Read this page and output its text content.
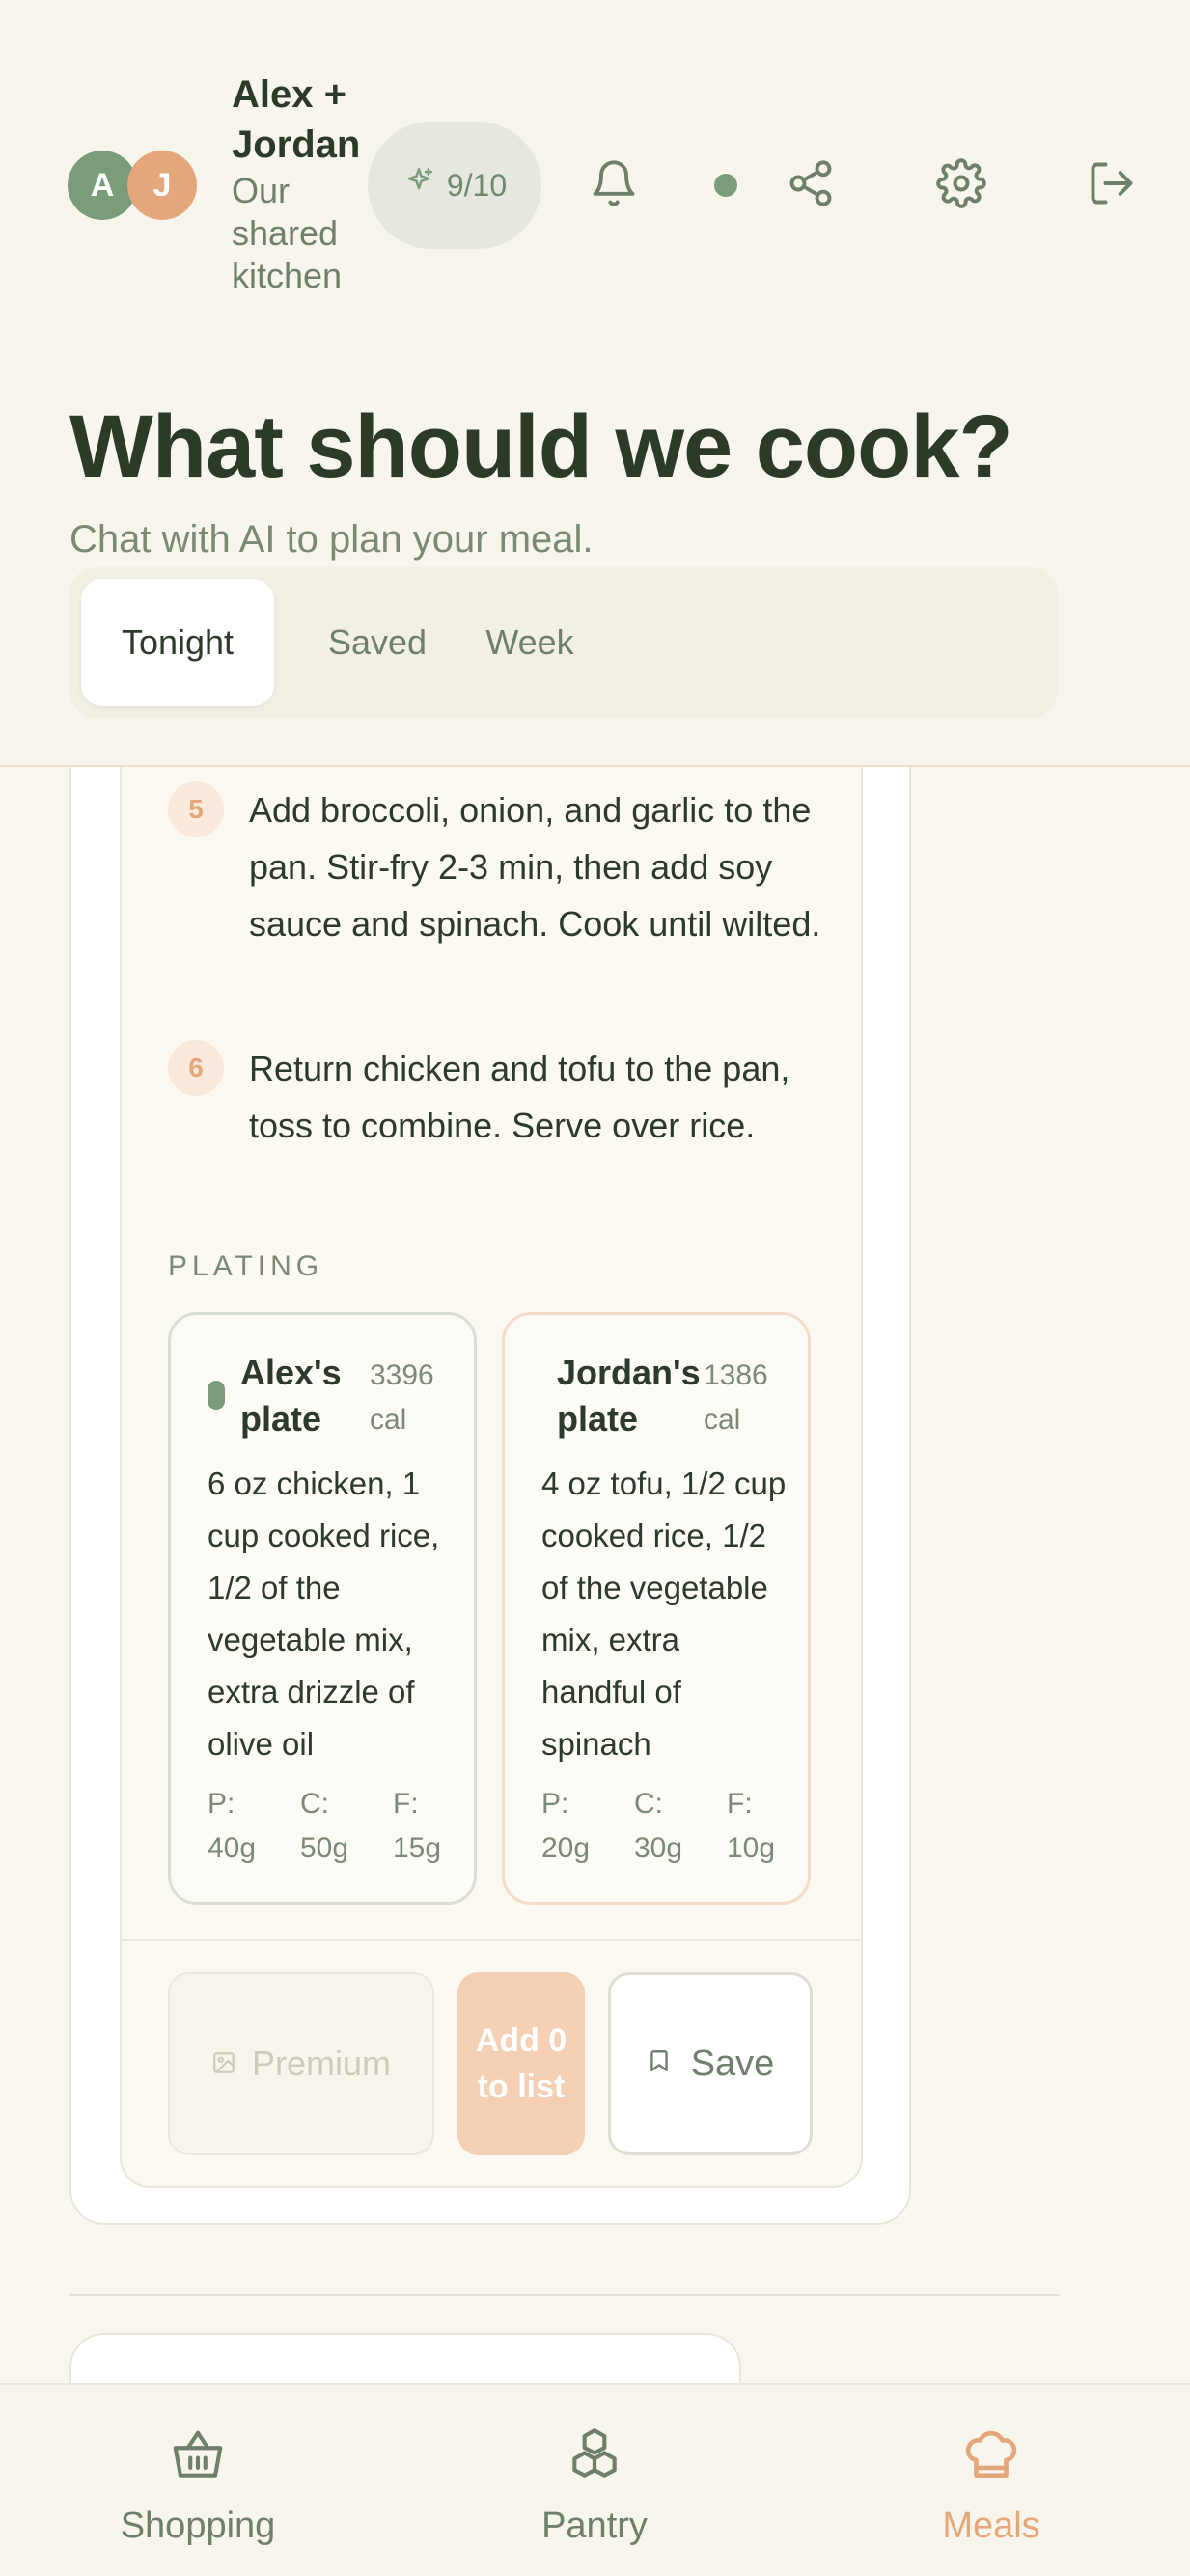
5	Add broccoli, onion, and garlic to the pan. Stir-fry 2-3 min, then add soy sauce and spinach. Cook until wilted.
6	Return chicken and tofu to the pan, toss to combine. Serve over rice.
PLATING
Alex's plate
3396 cal
6 oz chicken, 1 cup cooked rice, 1/2 of the vegetable mix, extra drizzle of olive oil
P: 40g
C: 50g
F: 15g
Jordan's plate
1386 cal
4 oz tofu, 1/2 cup cooked rice, 1/2 of the vegetable mix, extra handful of spinach
P: 20g
C: 30g
F: 10g
Premium
Add 0 to list
Save
A	J
Alex + Jordan
Our shared kitchen
9/10
What should we cook?
Chat with AI to plan your meal.
Tonight	Saved	Week
Shopping	Pantry	Meals
